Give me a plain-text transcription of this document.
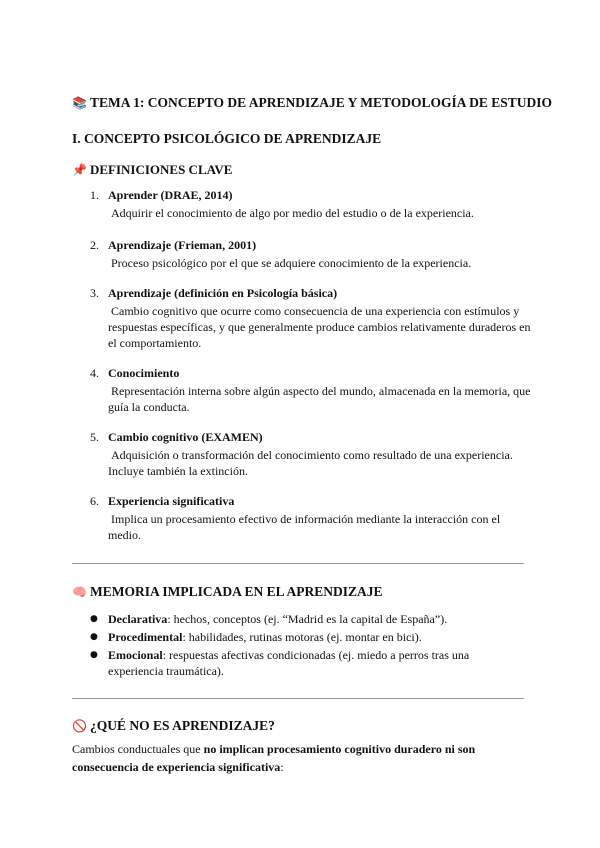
📚 TEMA 1: CONCEPTO DE APRENDIZAJE Y METODOLOGÍA DE ESTUDIO
I. CONCEPTO PSICOLÓGICO DE APRENDIZAJE
📌 DEFINICIONES CLAVE
1. Aprender (DRAE, 2014)
Adquirir el conocimiento de algo por medio del estudio o de la experiencia.
2. Aprendizaje (Frieman, 2001)
Proceso psicológico por el que se adquiere conocimiento de la experiencia.
3. Aprendizaje (definición en Psicología básica)
Cambio cognitivo que ocurre como consecuencia de una experiencia con estímulos y respuestas específicas, y que generalmente produce cambios relativamente duraderos en el comportamiento.
4. Conocimiento
Representación interna sobre algún aspecto del mundo, almacenada en la memoria, que guía la conducta.
5. Cambio cognitivo (EXAMEN)
Adquisición o transformación del conocimiento como resultado de una experiencia. Incluye también la extinción.
6. Experiencia significativa
Implica un procesamiento efectivo de información mediante la interacción con el medio.
🧠 MEMORIA IMPLICADA EN EL APRENDIZAJE
● Declarativa: hechos, conceptos (ej. “Madrid es la capital de España”).
● Procedimental: habilidades, rutinas motoras (ej. montar en bici).
● Emocional: respuestas afectivas condicionadas (ej. miedo a perros tras una experiencia traumática).
🚫 ¿QUÉ NO ES APRENDIZAJE?
Cambios conductuales que no implican procesamiento cognitivo duradero ni son consecuencia de experiencia significativa:
